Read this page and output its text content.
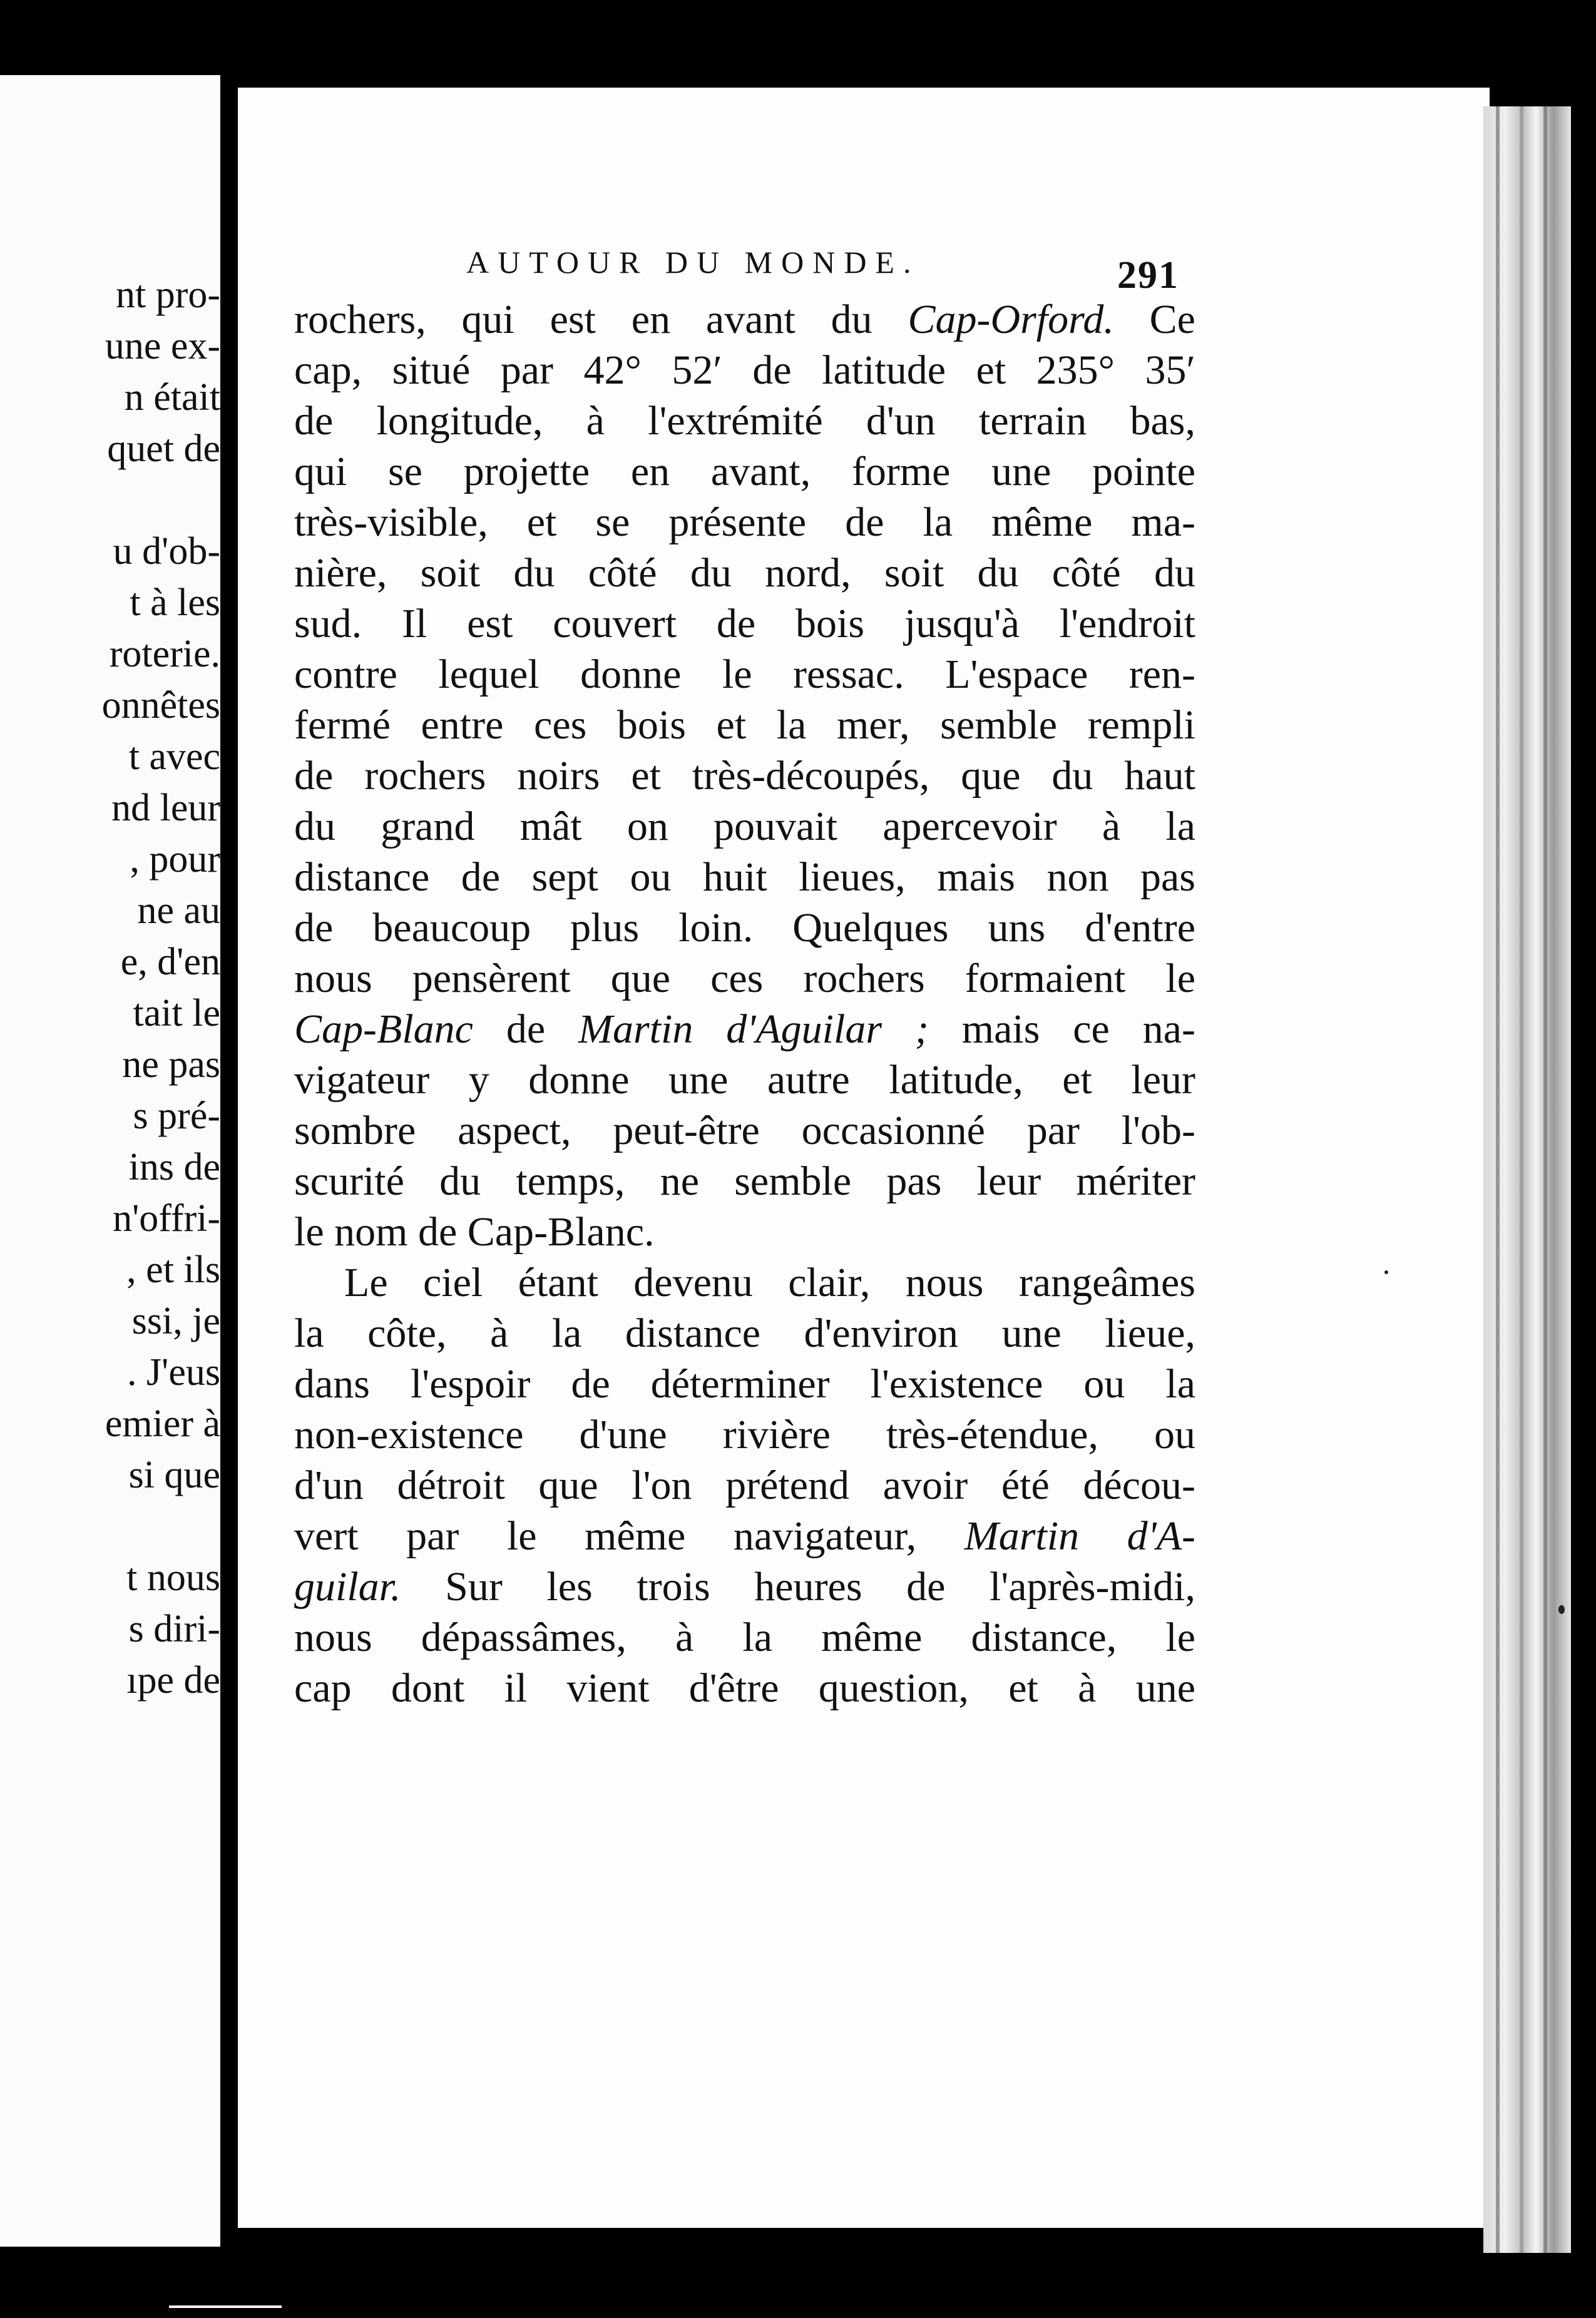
nt pro-
une ex-
n était
quet de
u d'ob-
t à les
roterie.
onnêtes
t avec
nd leur
, pour
ne au
e, d'en
tait le
ne pas
s pré-
ins de
n'offri-
, et ils
ssi, je
. J'eus
emier à
si que
t nous
s diri-
ıpe de
AUTOUR DU MONDE.	291
rochers, qui est en avant du Cap-Orford. Ce
cap, situé par 42° 52′ de latitude et 235° 35′
de longitude, à l'extrémité d'un terrain bas,
qui se projette en avant, forme une pointe
très-visible, et se présente de la même ma-
nière, soit du côté du nord, soit du côté du
sud. Il est couvert de bois jusqu'à l'endroit
contre lequel donne le ressac. L'espace ren-
fermé entre ces bois et la mer, semble rempli
de rochers noirs et très-découpés, que du haut
du grand mât on pouvait apercevoir à la
distance de sept ou huit lieues, mais non pas
de beaucoup plus loin. Quelques uns d'entre
nous pensèrent que ces rochers formaient le
Cap-Blanc de Martin d'Aguilar ; mais ce na-
vigateur y donne une autre latitude, et leur
sombre aspect, peut-être occasionné par l'ob-
scurité du temps, ne semble pas leur mériter
le nom de Cap-Blanc.
Le ciel étant devenu clair, nous rangeâmes
la côte, à la distance d'environ une lieue,
dans l'espoir de déterminer l'existence ou la
non-existence d'une rivière très-étendue, ou
d'un détroit que l'on prétend avoir été décou-
vert par le même navigateur, Martin d'A-
guilar. Sur les trois heures de l'après-midi,
nous dépassâmes, à la même distance, le
cap dont il vient d'être question, et à une
